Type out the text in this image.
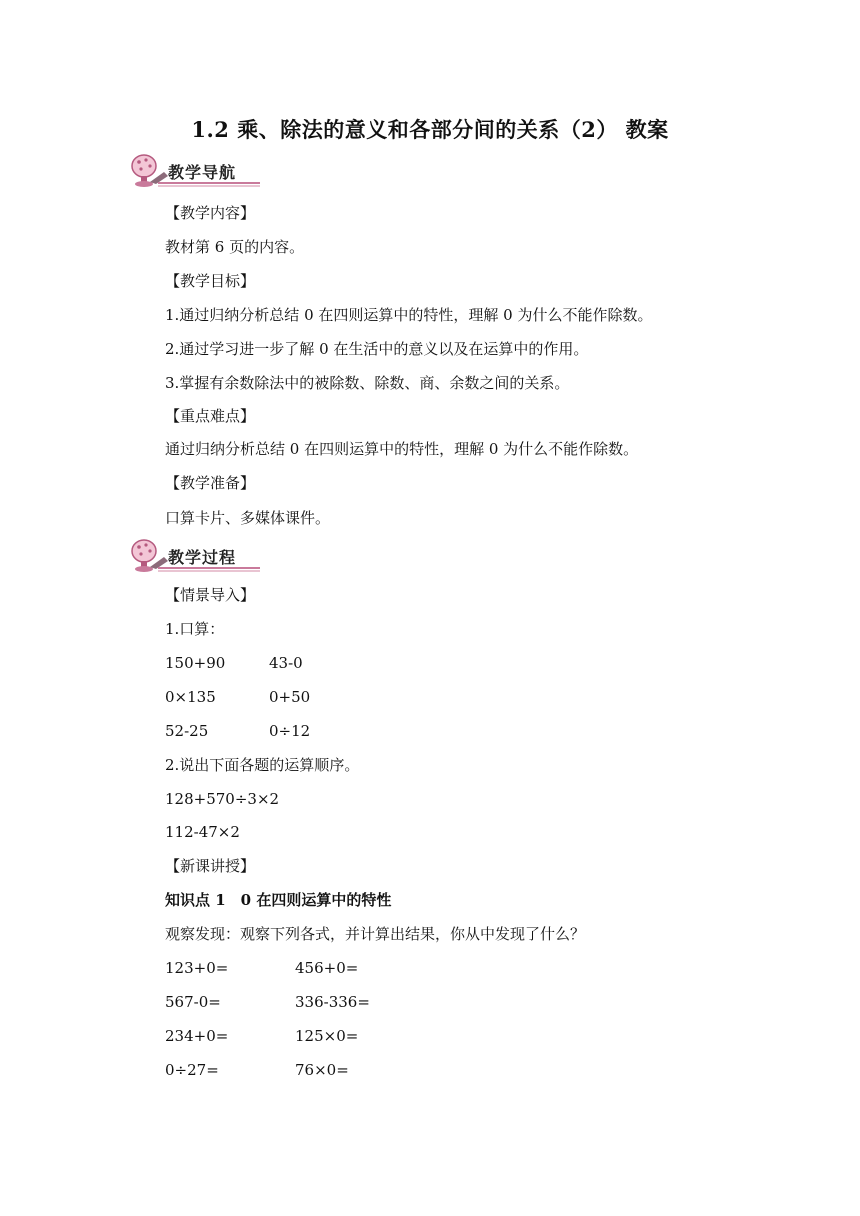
1.2 乘、除法的意义和各部分间的关系（2） 教案
教学导航
【教学内容】
教材第 6 页的内容。
【教学目标】
1.通过归纳分析总结 0 在四则运算中的特性，理解 0 为什么不能作除数。
2.通过学习进一步了解 0 在生活中的意义以及在运算中的作用。
3.掌握有余数除法中的被除数、除数、商、余数之间的关系。
【重点难点】
通过归纳分析总结 0 在四则运算中的特性，理解 0 为什么不能作除数。
【教学准备】
口算卡片、多媒体课件。
教学过程
【情景导入】
1.口算：
150+90	43-0
0×135	0+50
52-25	0÷12
2.说出下面各题的运算顺序。
128+570÷3×2
112-47×2
【新课讲授】
知识点 1　0 在四则运算中的特性
观察发现：观察下列各式，并计算出结果，你从中发现了什么？
123+0=	456+0=
567-0=	336-336=
234+0=	125×0=
0÷27=	76×0=
